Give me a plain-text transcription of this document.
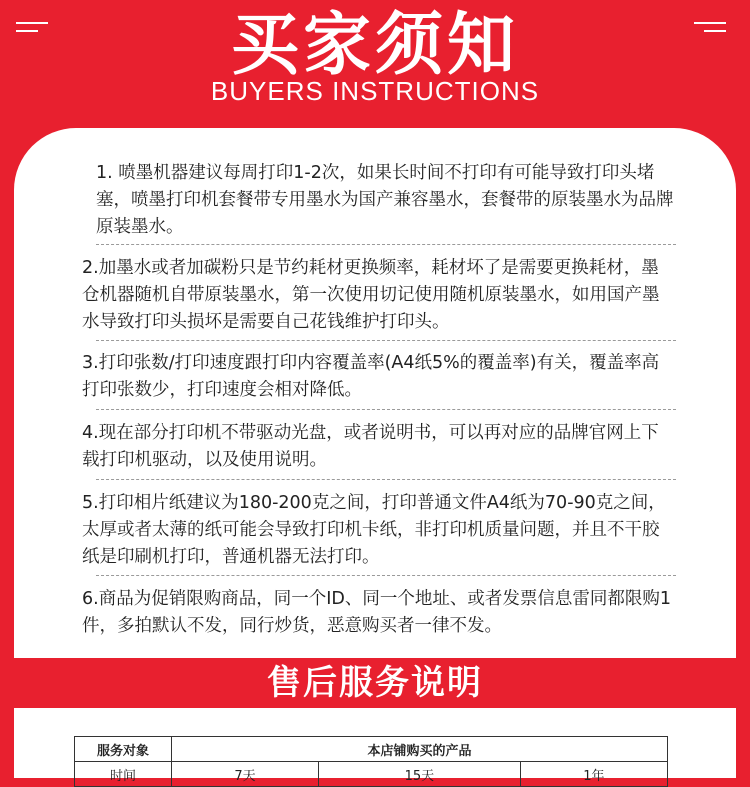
买家须知
BUYERS INSTRUCTIONS

1. 喷墨机器建议每周打印1-2次，如果长时间不打印有可能导致打印头堵塞，喷墨打印机套餐带专用墨水为国产兼容墨水，套餐带的原装墨水为品牌原装墨水。

2.加墨水或者加碳粉只是节约耗材更换频率，耗材坏了是需要更换耗材，墨仓机器随机自带原装墨水，第一次使用切记使用随机原装墨水，如用国产墨水导致打印头损坏是需要自己花钱维护打印头。

3.打印张数/打印速度跟打印内容覆盖率(A4纸5%的覆盖率)有关，覆盖率高打印张数少，打印速度会相对降低。

4.现在部分打印机不带驱动光盘，或者说明书，可以再对应的品牌官网上下载打印机驱动，以及使用说明。

5.打印相片纸建议为180-200克之间，打印普通文件A4纸为70-90克之间，太厚或者太薄的纸可能会导致打印机卡纸，非打印机质量问题，并且不干胶纸是印刷机打印，普通机器无法打印。

6.商品为促销限购商品，同一个ID、同一个地址、或者发票信息雷同都限购1件，多拍默认不发，同行炒货，恶意购买者一律不发。

售后服务说明
服务对象	本店铺购买的产品		
时间	7天	15天	1年
